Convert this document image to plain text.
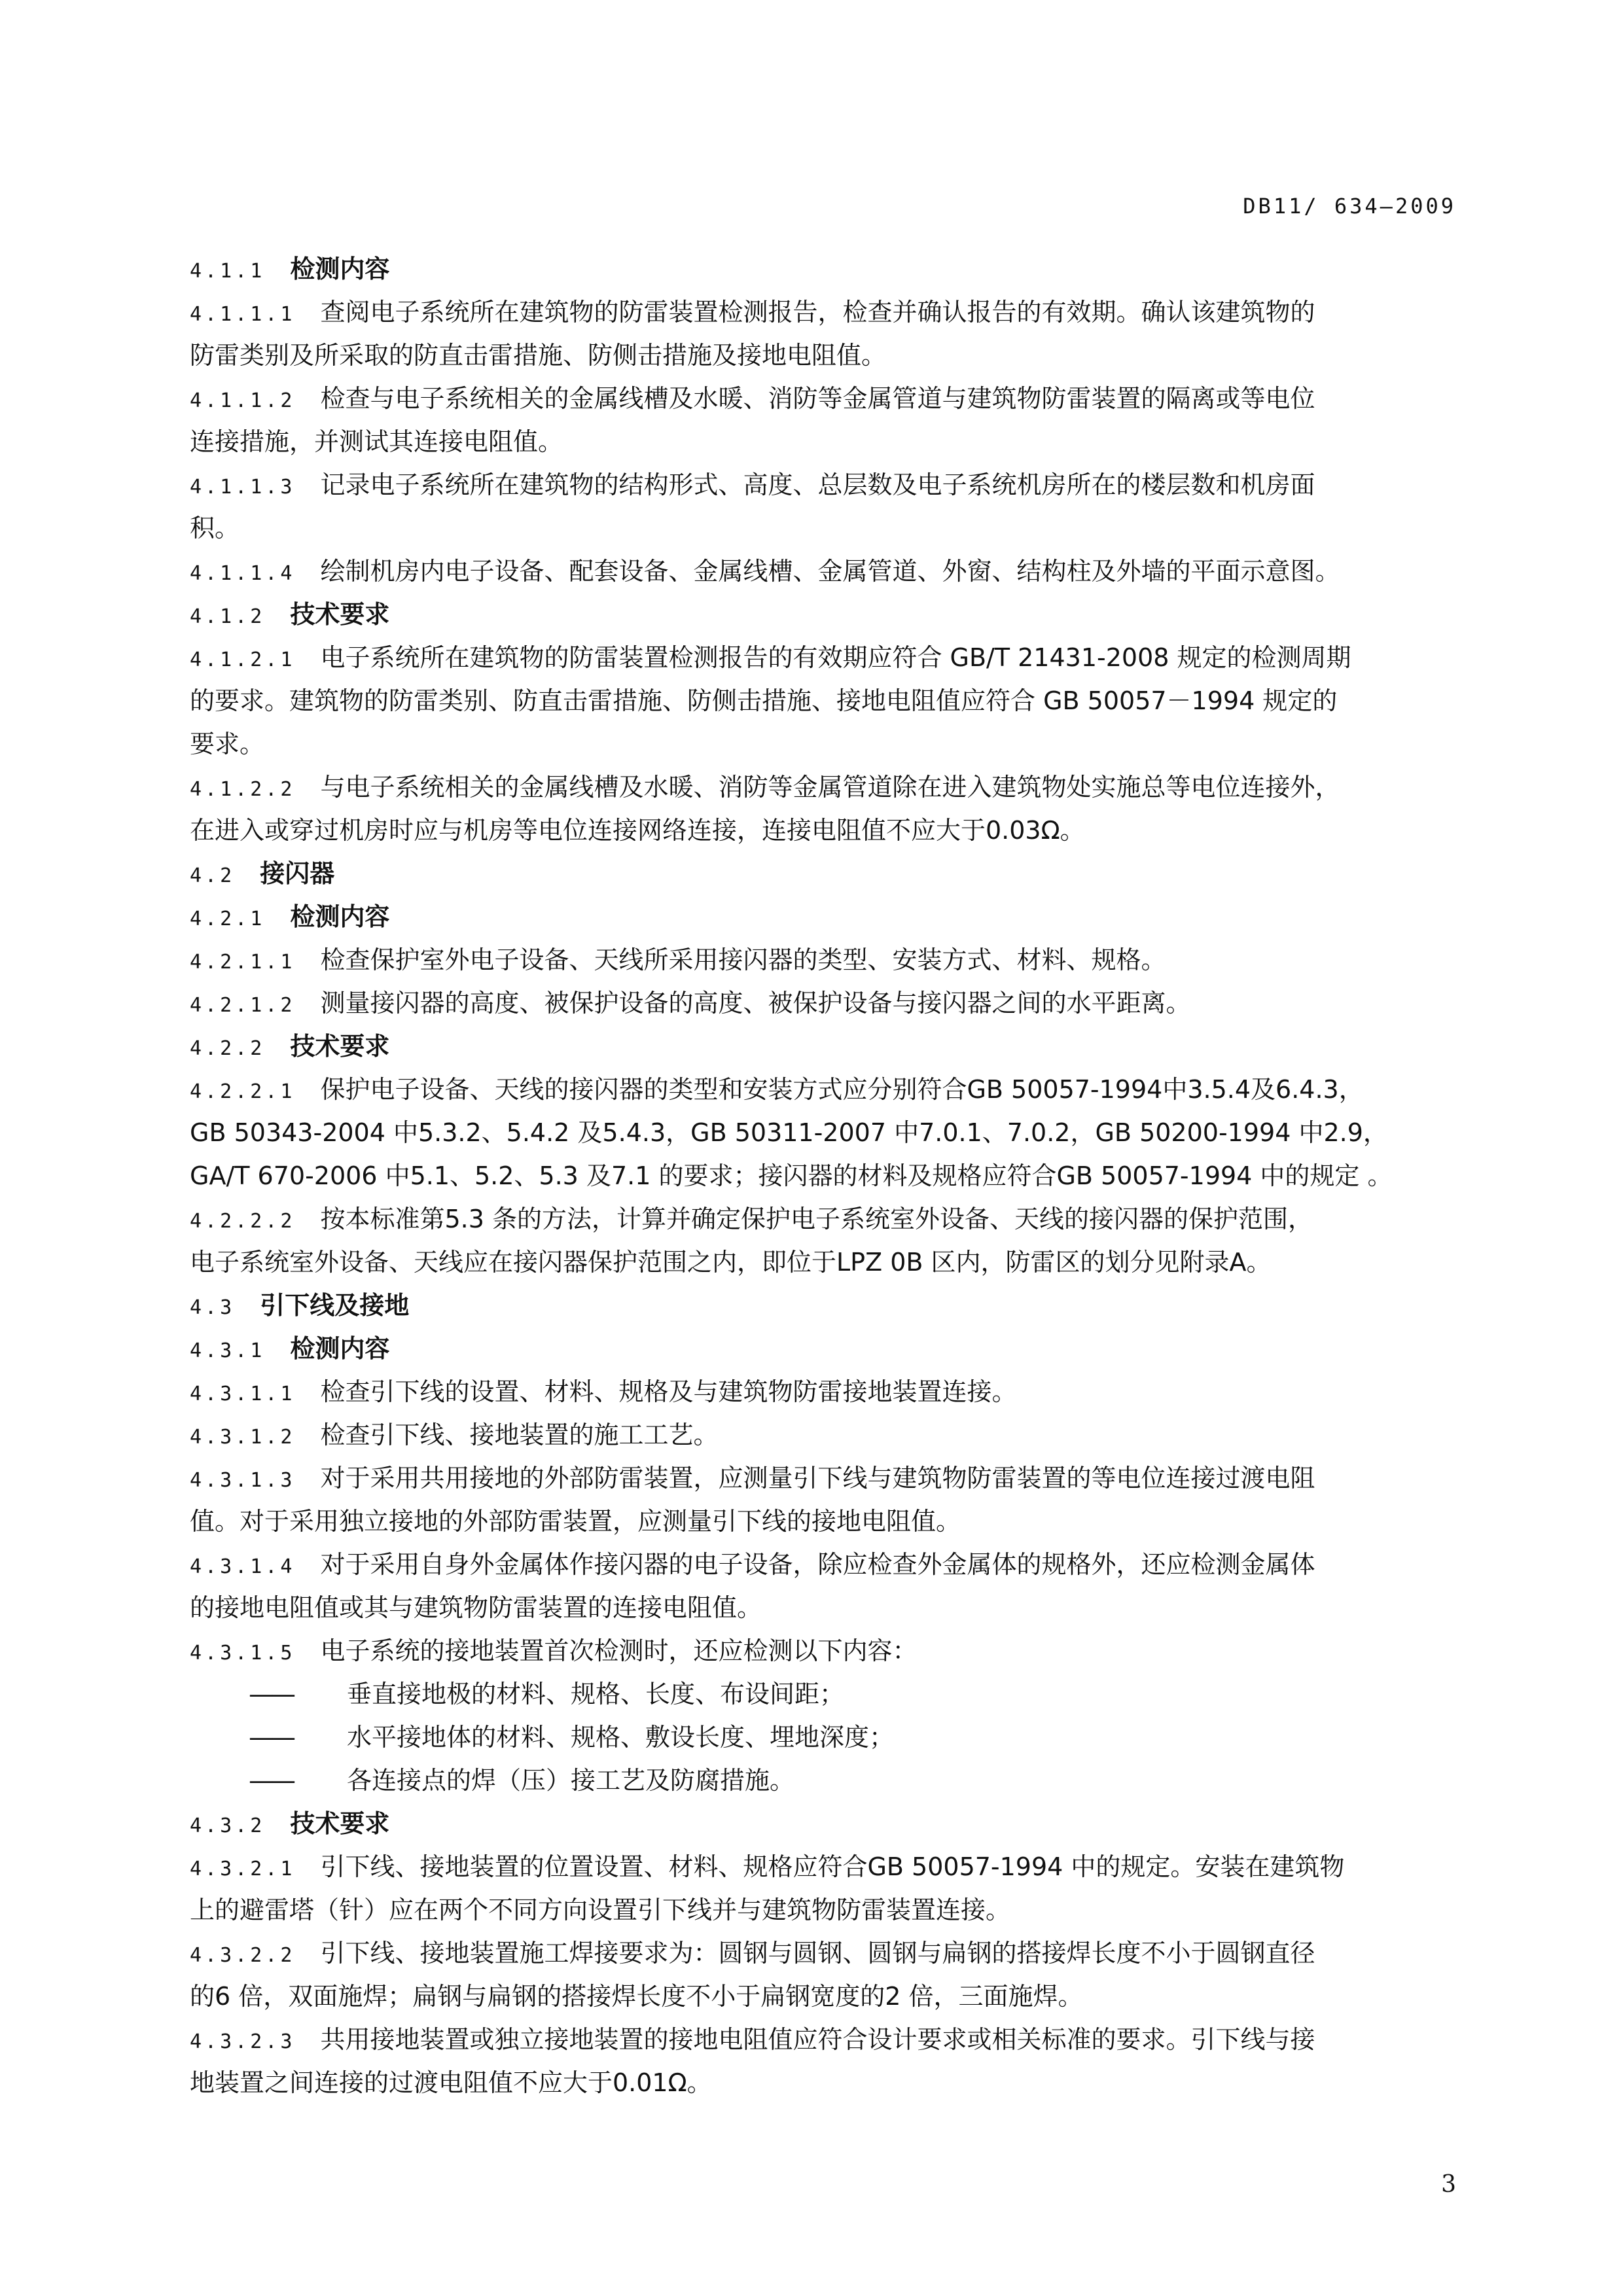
DB11/ 634—2009
4.1.1 检测内容
4.1.1.1 查阅电子系统所在建筑物的防雷装置检测报告，检查并确认报告的有效期。确认该建筑物的
防雷类别及所采取的防直击雷措施、防侧击措施及接地电阻值。
4.1.1.2 检查与电子系统相关的金属线槽及水暖、消防等金属管道与建筑物防雷装置的隔离或等电位
连接措施，并测试其连接电阻值。
4.1.1.3 记录电子系统所在建筑物的结构形式、高度、总层数及电子系统机房所在的楼层数和机房面
积。
4.1.1.4 绘制机房内电子设备、配套设备、金属线槽、金属管道、外窗、结构柱及外墙的平面示意图。
4.1.2 技术要求
4.1.2.1 电子系统所在建筑物的防雷装置检测报告的有效期应符合 GB/T 21431-2008 规定的检测周期
的要求。建筑物的防雷类别、防直击雷措施、防侧击措施、接地电阻值应符合 GB 50057－1994 规定的
要求。
4.1.2.2 与电子系统相关的金属线槽及水暖、消防等金属管道除在进入建筑物处实施总等电位连接外，
在进入或穿过机房时应与机房等电位连接网络连接，连接电阻值不应大于0.03Ω。
4.2 接闪器
4.2.1 检测内容
4.2.1.1 检查保护室外电子设备、天线所采用接闪器的类型、安装方式、材料、规格。
4.2.1.2 测量接闪器的高度、被保护设备的高度、被保护设备与接闪器之间的水平距离。
4.2.2 技术要求
4.2.2.1 保护电子设备、天线的接闪器的类型和安装方式应分别符合GB 50057-1994中3.5.4及6.4.3，
GB 50343-2004 中5.3.2、5.4.2 及5.4.3，GB 50311-2007 中7.0.1、7.0.2，GB 50200-1994 中2.9，
GA/T 670-2006 中5.1、5.2、5.3 及7.1 的要求；接闪器的材料及规格应符合GB 50057-1994 中的规定 。
4.2.2.2 按本标准第5.3 条的方法，计算并确定保护电子系统室外设备、天线的接闪器的保护范围，
电子系统室外设备、天线应在接闪器保护范围之内，即位于LPZ 0B 区内，防雷区的划分见附录A。
4.3 引下线及接地
4.3.1 检测内容
4.3.1.1 检查引下线的设置、材料、规格及与建筑物防雷接地装置连接。
4.3.1.2 检查引下线、接地装置的施工工艺。
4.3.1.3 对于采用共用接地的外部防雷装置，应测量引下线与建筑物防雷装置的等电位连接过渡电阻
值。对于采用独立接地的外部防雷装置，应测量引下线的接地电阻值。
4.3.1.4 对于采用自身外金属体作接闪器的电子设备，除应检查外金属体的规格外，还应检测金属体
的接地电阻值或其与建筑物防雷装置的连接电阻值。
4.3.1.5 电子系统的接地装置首次检测时，还应检测以下内容：
—— 垂直接地极的材料、规格、长度、布设间距；
—— 水平接地体的材料、规格、敷设长度、埋地深度；
—— 各连接点的焊（压）接工艺及防腐措施。
4.3.2 技术要求
4.3.2.1 引下线、接地装置的位置设置、材料、规格应符合GB 50057-1994 中的规定。安装在建筑物
上的避雷塔（针）应在两个不同方向设置引下线并与建筑物防雷装置连接。
4.3.2.2 引下线、接地装置施工焊接要求为：圆钢与圆钢、圆钢与扁钢的搭接焊长度不小于圆钢直径
的6 倍，双面施焊；扁钢与扁钢的搭接焊长度不小于扁钢宽度的2 倍，三面施焊。
4.3.2.3 共用接地装置或独立接地装置的接地电阻值应符合设计要求或相关标准的要求。引下线与接
地装置之间连接的过渡电阻值不应大于0.01Ω。
3
